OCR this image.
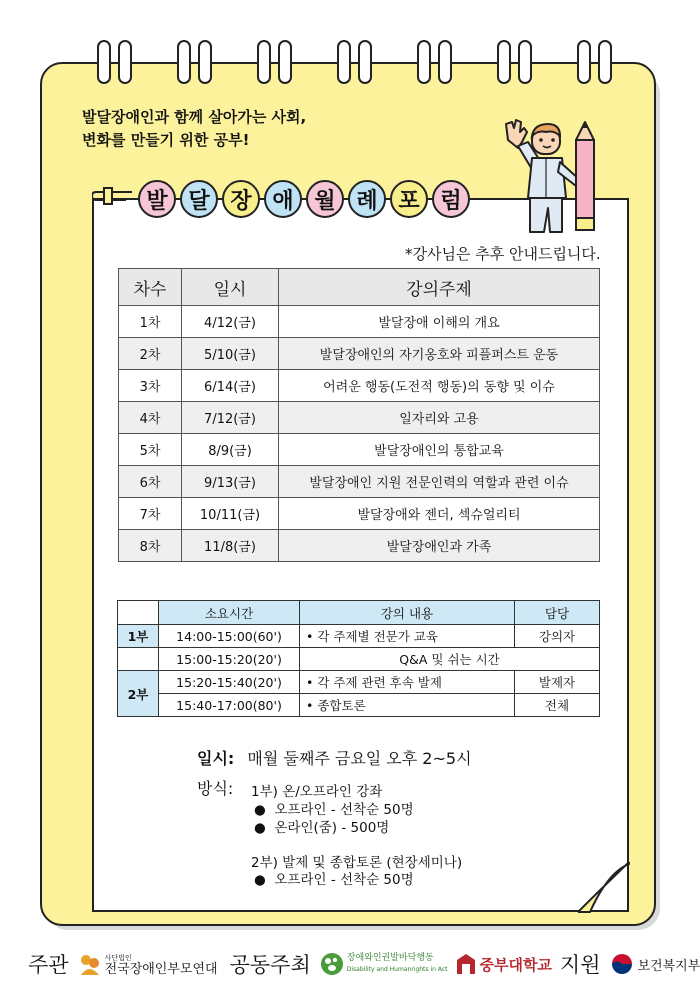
발달장애인과 함께 살아가는 사회,
변화를 만들기 위한 공부!
발 달 장 애 월 례 포 럼
*강사님은 추후 안내드립니다.
차수	일시	강의주제
1차	4/12(금)	발달장애 이해의 개요
2차	5/10(금)	발달장애인의 자기옹호와 피플퍼스트 운동
3차	6/14(금)	어려운 행동(도전적 행동)의 동향 및 이슈
4차	7/12(금)	일자리와 고용
5차	8/9(금)	발달장애인의 통합교육
6차	9/13(금)	발달장애인 지원 전문인력의 역할과 관련 이슈
7차	10/11(금)	발달장애와 젠더, 섹슈얼리티
8차	11/8(금)	발달장애인과 가족
	소요시간	강의 내용	담당
1부	14:00-15:00(60')	• 각 주제별 전문가 교육	강의자
	15:00-15:20(20')	Q&A 및 쉬는 시간	
2부	15:20-15:40(20')	• 각 주제 관련 후속 발제	발제자
	15:40-17:00(80')	• 종합토론	전체
일시: 매월 둘째주 금요일 오후 2~5시
방식: 1부) 온/오프라인 강좌
●  오프라인 - 선착순 50명
●  온라인(줌) - 500명
2부) 발제 및 종합토론 (현장세미나)
●  오프라인 - 선착순 50명
주관	사단법인
전국장애인부모연대 공동주최	장애와인권발바닥행동
Disability and Humanrights in Act 중부대학교 지원	보건복지부
